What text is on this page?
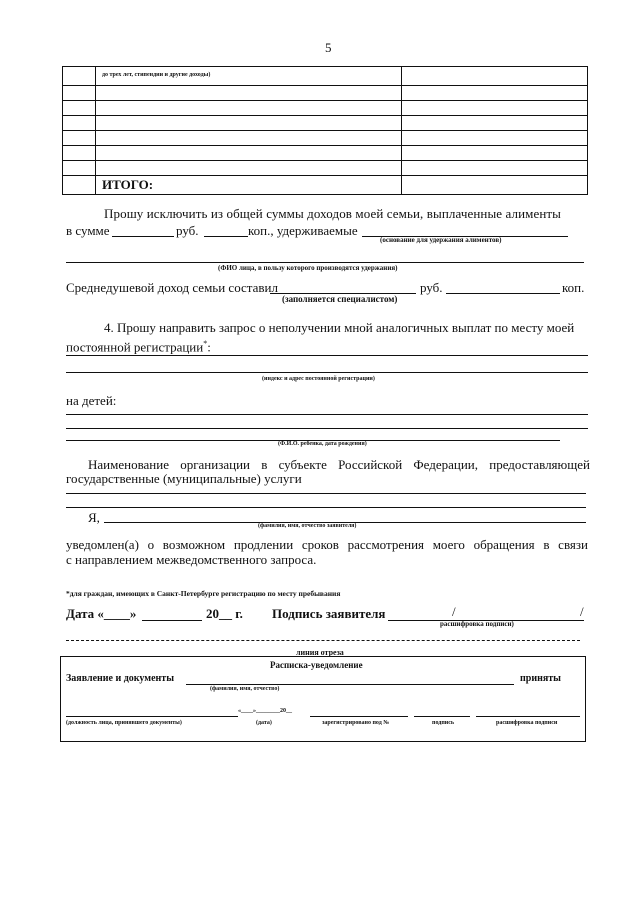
5
	$^{до трех лет, стипендии и другие доходы)}$	

	ИТОГО:	
Прошу исключить из общей суммы доходов моей семьи, выплаченные алименты
в сумме	руб.	коп., удерживаемые
(основание для удержания алиментов)
(ФИО лица, в пользу которого производятся удержания)
Среднедушевой доход семьи составил	руб.	коп.
(заполняется специалистом)
4. Прошу направить запрос о неполучении мной аналогичных выплат по месту моей
постоянной регистрации*:
(индекс и адрес постоянной регистрации)
на детей:
(Ф.И.О. ребенка, дата рождения)
Наименование организации в субъекте Российской Федерации, предоставляющей
государственные (муниципальные) услуги
Я,
(фамилия, имя, отчество заявителя)
уведомлен(а) о возможном продлении сроков рассмотрения моего обращения в связи
с направлением межведомственного запроса.
*для граждан, имеющих в Санкт-Петербурге регистрацию по месту пребывания
Дата «____»	20__ г. Подпись заявителя	/	/
расшифровка подписи)
линия отреза
Расписка-уведомление
Заявление и документы	приняты
(фамилия, имя, отчество)
«____»________20__
(должность лица, принявшего документы)	(дата)	зарегистрировано под №	подпись	расшифровка подписи
